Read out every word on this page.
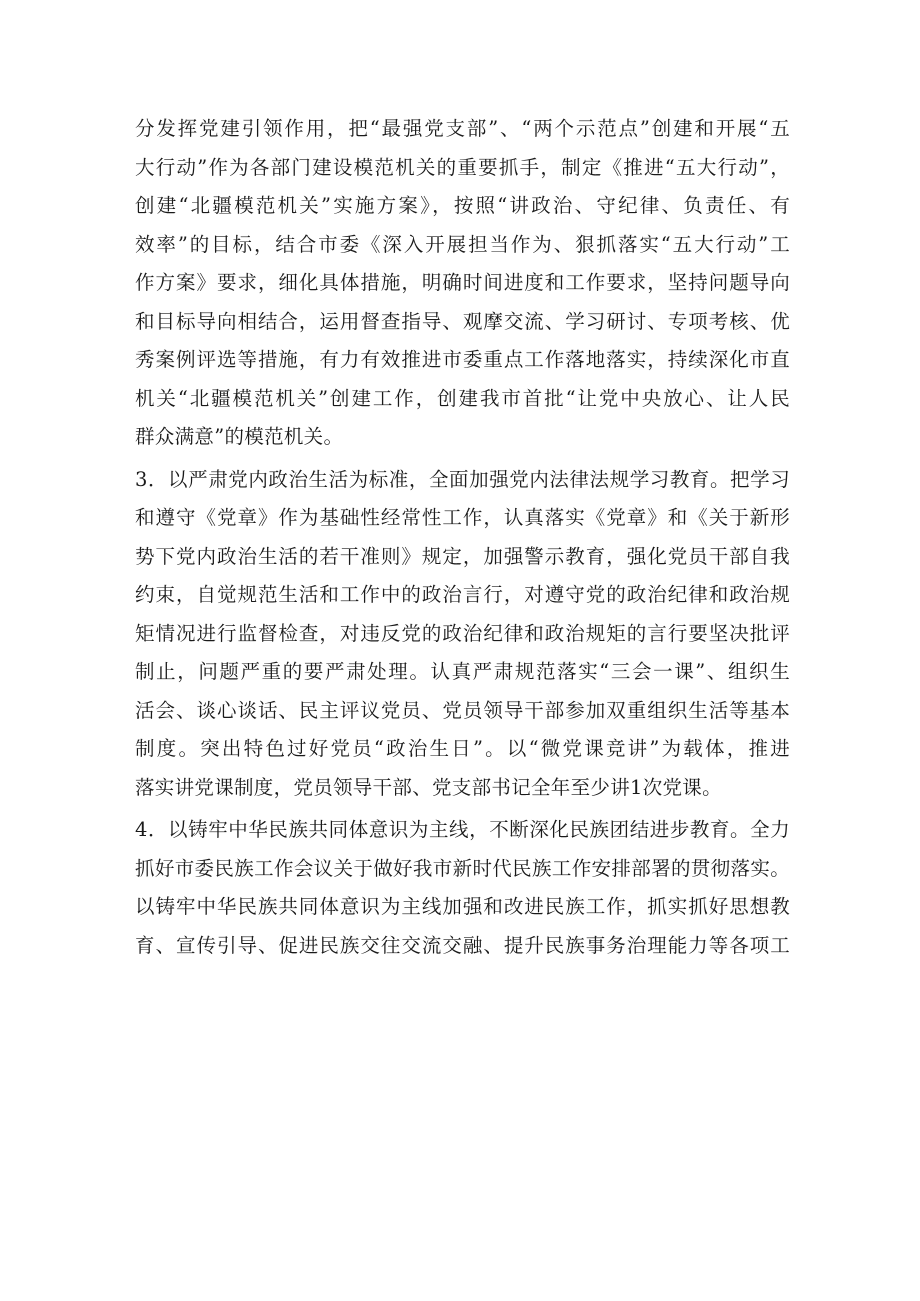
分发挥党建引领作用，把“最强党支部”、“两个示范点”创建和开展“五
大行动”作为各部门建设模范机关的重要抓手，制定《推进“五大行动”，
创建“北疆模范机关”实施方案》，按照“讲政治、守纪律、负责任、有
效率”的目标，结合市委《深入开展担当作为、狠抓落实“五大行动”工
作方案》要求，细化具体措施，明确时间进度和工作要求，坚持问题导向
和目标导向相结合，运用督查指导、观摩交流、学习研讨、专项考核、优
秀案例评选等措施，有力有效推进市委重点工作落地落实，持续深化市直
机关“北疆模范机关”创建工作，创建我市首批“让党中央放心、让人民
群众满意”的模范机关。
3．以严肃党内政治生活为标准，全面加强党内法律法规学习教育。把学习
和遵守《党章》作为基础性经常性工作，认真落实《党章》和《关于新形
势下党内政治生活的若干准则》规定，加强警示教育，强化党员干部自我
约束，自觉规范生活和工作中的政治言行，对遵守党的政治纪律和政治规
矩情况进行监督检查，对违反党的政治纪律和政治规矩的言行要坚决批评
制止，问题严重的要严肃处理。认真严肃规范落实“三会一课”、组织生
活会、谈心谈话、民主评议党员、党员领导干部参加双重组织生活等基本
制度。突出特色过好党员“政治生日”。以“微党课竞讲”为载体，推进
落实讲党课制度，党员领导干部、党支部书记全年至少讲1次党课。
4．以铸牢中华民族共同体意识为主线，不断深化民族团结进步教育。全力
抓好市委民族工作会议关于做好我市新时代民族工作安排部署的贯彻落实。
以铸牢中华民族共同体意识为主线加强和改进民族工作，抓实抓好思想教
育、宣传引导、促进民族交往交流交融、提升民族事务治理能力等各项工
